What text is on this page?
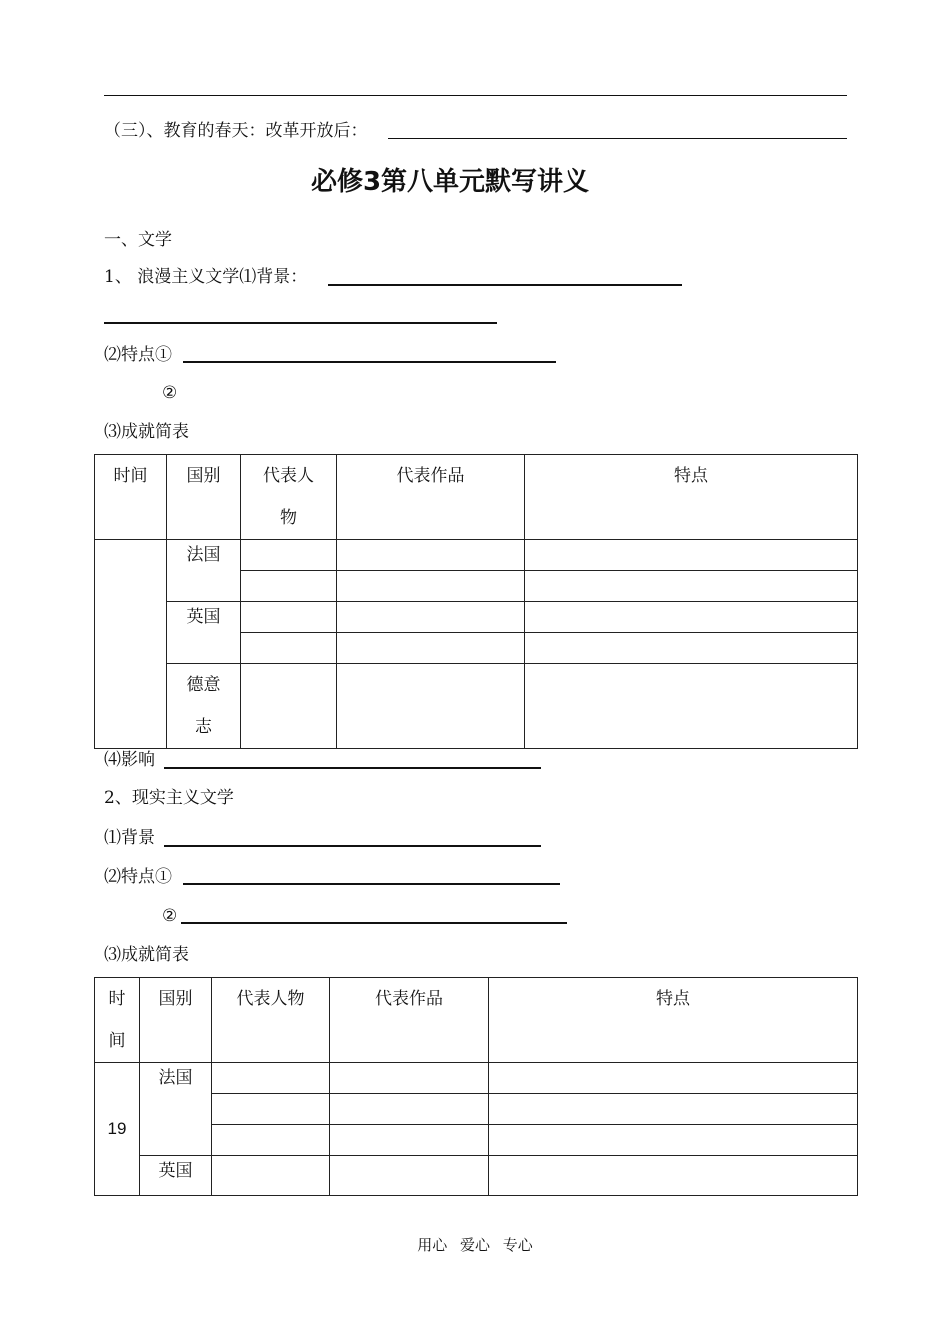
（三）、教育的春天：改革开放后：
必修3第八单元默写讲义
一、文学
1、 浪漫主义文学⑴背景：
⑵特点①
②
⑶成就简表
时间	国别	代表人物	代表作品	特点
	法国			

	英国			

	德意志			
⑷影响
2、现实主义文学
⑴背景
⑵特点①
②
⑶成就简表
时间	国别	代表人物	代表作品	特点
19	法国			

	英国			
用心 爱心 专心
